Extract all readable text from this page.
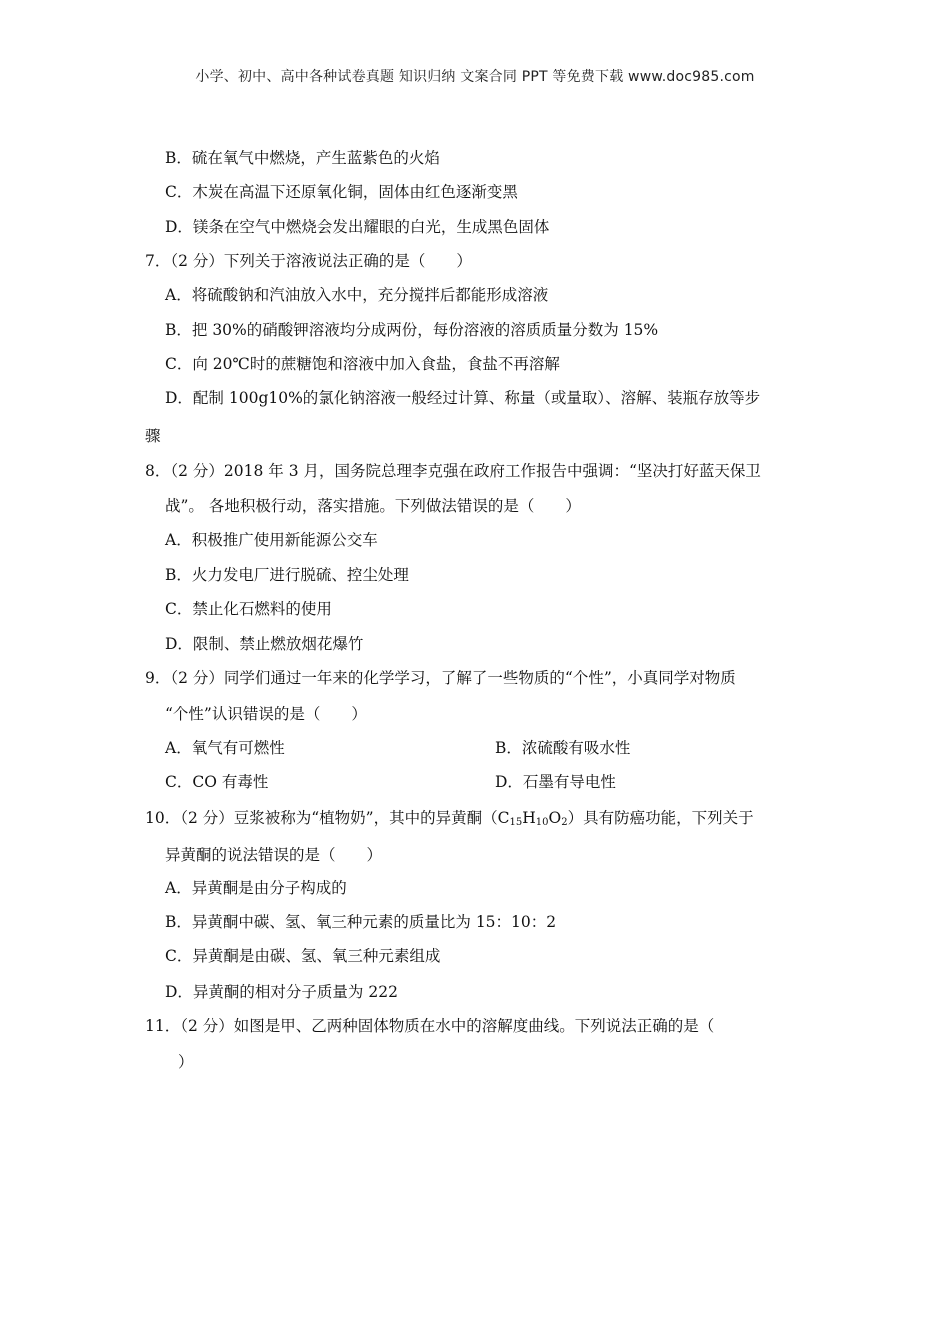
小学、初中、高中各种试卷真题 知识归纳 文案合同 PPT 等免费下载 www.doc985.com
B．硫在氧气中燃烧，产生蓝紫色的火焰
C．木炭在高温下还原氧化铜，固体由红色逐渐变黑
D．镁条在空气中燃烧会发出耀眼的白光，生成黑色固体
7．（2 分）下列关于溶液说法正确的是（　　）
A．将硫酸钠和汽油放入水中，充分搅拌后都能形成溶液
B．把 30%的硝酸钾溶液均分成两份，每份溶液的溶质质量分数为 15%
C．向 20℃时的蔗糖饱和溶液中加入食盐，食盐不再溶解
D．配制 100g10%的氯化钠溶液一般经过计算、称量（或量取）、溶解、装瓶存放等步
骤
8．（2 分）2018 年 3 月，国务院总理李克强在政府工作报告中强调：“坚决打好蓝天保卫
战”。 各地积极行动，落实措施。下列做法错误的是（　　）
A．积极推广使用新能源公交车
B．火力发电厂进行脱硫、控尘处理
C．禁止化石燃料的使用
D．限制、禁止燃放烟花爆竹
9．（2 分）同学们通过一年来的化学学习，了解了一些物质的“个性”，小真同学对物质
“个性”认识错误的是（　　）
A．氧气有可燃性	B．浓硫酸有吸水性
C．CO 有毒性	D．石墨有导电性
10．（2 分）豆浆被称为“植物奶”，其中的异黄酮$(C_{15}H_{10}O_2)$具有防癌功能，下列关于
异黄酮的说法错误的是（　　）
A．异黄酮是由分子构成的
B．异黄酮中碳、氢、氧三种元素的质量比为 15：10：2
C．异黄酮是由碳、氢、氧三种元素组成
D．异黄酮的相对分子质量为 222
11．（2 分）如图是甲、乙两种固体物质在水中的溶解度曲线。下列说法正确的是（
）
